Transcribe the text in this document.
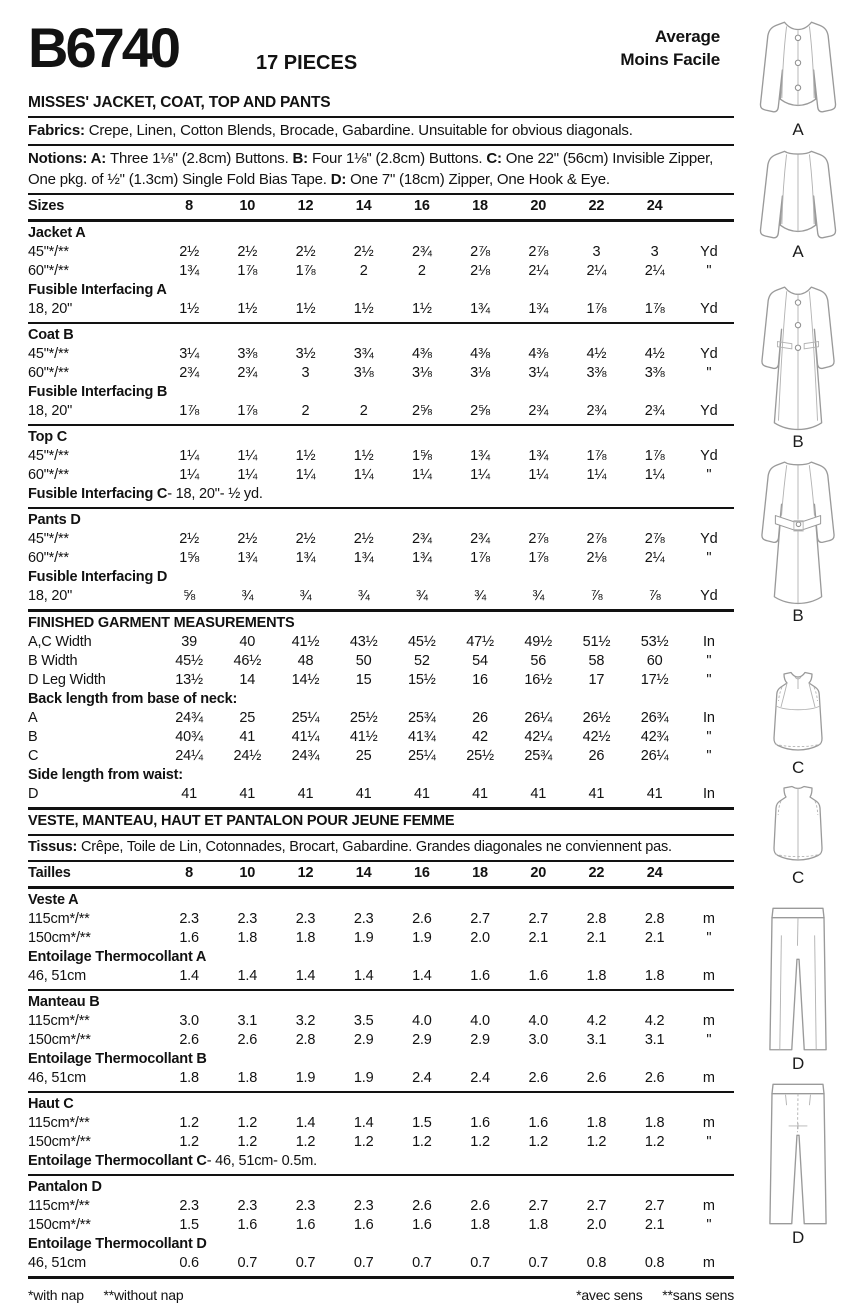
B6740	17 PIECES
Average
Moins Facile
MISSES' JACKET, COAT, TOP AND PANTS

Fabrics: Crepe, Linen, Cotton Blends, Brocade, Gabardine. Unsuitable for obvious diagonals.

Notions: A: Three 1⅛" (2.8cm) Buttons. B: Four 1⅛" (2.8cm) Buttons. C: One 22" (56cm) Invisible Zipper, One pkg. of ½" (1.3cm) Single Fold Bias Tape. D: One 7" (18cm) Zipper, One Hook & Eye.

Sizes	8	10	12	14	16	18	20	22	24
Jacket A
45"*/**	2½	2½	2½	2½	2¾	2⅞	2⅞	3	3	Yd
60"*/**	1¾	1⅞	1⅞	2	2	2⅛	2¼	2¼	2¼	"
Fusible Interfacing A
18, 20"	1½	1½	1½	1½	1½	1¾	1¾	1⅞	1⅞	Yd
Coat B
45"*/**	3¼	3⅜	3½	3¾	4⅜	4⅜	4⅜	4½	4½	Yd
60"*/**	2¾	2¾	3	3⅛	3⅛	3⅛	3¼	3⅜	3⅜	"
Fusible Interfacing B
18, 20"	1⅞	1⅞	2	2	2⅝	2⅝	2¾	2¾	2¾	Yd
Top C
45"*/**	1¼	1¼	1½	1½	1⅝	1¾	1¾	1⅞	1⅞	Yd
60"*/**	1¼	1¼	1¼	1¼	1¼	1¼	1¼	1¼	1¼	"
Fusible Interfacing C- 18, 20"- ½ yd.
Pants D
45"*/**	2½	2½	2½	2½	2¾	2¾	2⅞	2⅞	2⅞	Yd
60"*/**	1⅝	1¾	1¾	1¾	1¾	1⅞	1⅞	2⅛	2¼	"
Fusible Interfacing D
18, 20"	⅝	¾	¾	¾	¾	¾	¾	⅞	⅞	Yd
FINISHED GARMENT MEASUREMENTS
A,C Width	39	40	41½	43½	45½	47½	49½	51½	53½	In
B Width	45½	46½	48	50	52	54	56	58	60	"
D Leg Width	13½	14	14½	15	15½	16	16½	17	17½	"
Back length from base of neck:
A	24¾	25	25¼	25½	25¾	26	26¼	26½	26¾	In
B	40¾	41	41¼	41½	41¾	42	42¼	42½	42¾	"
C	24¼	24½	24¾	25	25¼	25½	25¾	26	26¼	"
Side length from waist:
D	41	41	41	41	41	41	41	41	41	In
VESTE, MANTEAU, HAUT ET PANTALON POUR JEUNE FEMME
Tissus: Crêpe, Toile de Lin, Cotonnades, Brocart, Gabardine. Grandes diagonales ne conviennent pas.
Tailles	8	10	12	14	16	18	20	22	24
Veste A
115cm*/**	2.3	2.3	2.3	2.3	2.6	2.7	2.7	2.8	2.8	m
150cm*/**	1.6	1.8	1.8	1.9	1.9	2.0	2.1	2.1	2.1	"
Entoilage Thermocollant A
46, 51cm	1.4	1.4	1.4	1.4	1.4	1.6	1.6	1.8	1.8	m
Manteau B
115cm*/**	3.0	3.1	3.2	3.5	4.0	4.0	4.0	4.2	4.2	m
150cm*/**	2.6	2.6	2.8	2.9	2.9	2.9	3.0	3.1	3.1	"
Entoilage Thermocollant B
46, 51cm	1.8	1.8	1.9	1.9	2.4	2.4	2.6	2.6	2.6	m
Haut C
115cm*/**	1.2	1.2	1.4	1.4	1.5	1.6	1.6	1.8	1.8	m
150cm*/**	1.2	1.2	1.2	1.2	1.2	1.2	1.2	1.2	1.2	"
Entoilage Thermocollant C- 46, 51cm- 0.5m.
Pantalon D
115cm*/**	2.3	2.3	2.3	2.3	2.6	2.6	2.7	2.7	2.7	m
150cm*/**	1.5	1.6	1.6	1.6	1.6	1.8	1.8	2.0	2.1	"
Entoilage Thermocollant D
46, 51cm	0.6	0.7	0.7	0.7	0.7	0.7	0.7	0.8	0.8	m
*with nap **without nap	*avec sens **sans sens
A
A
B
B
C
C
D
D
